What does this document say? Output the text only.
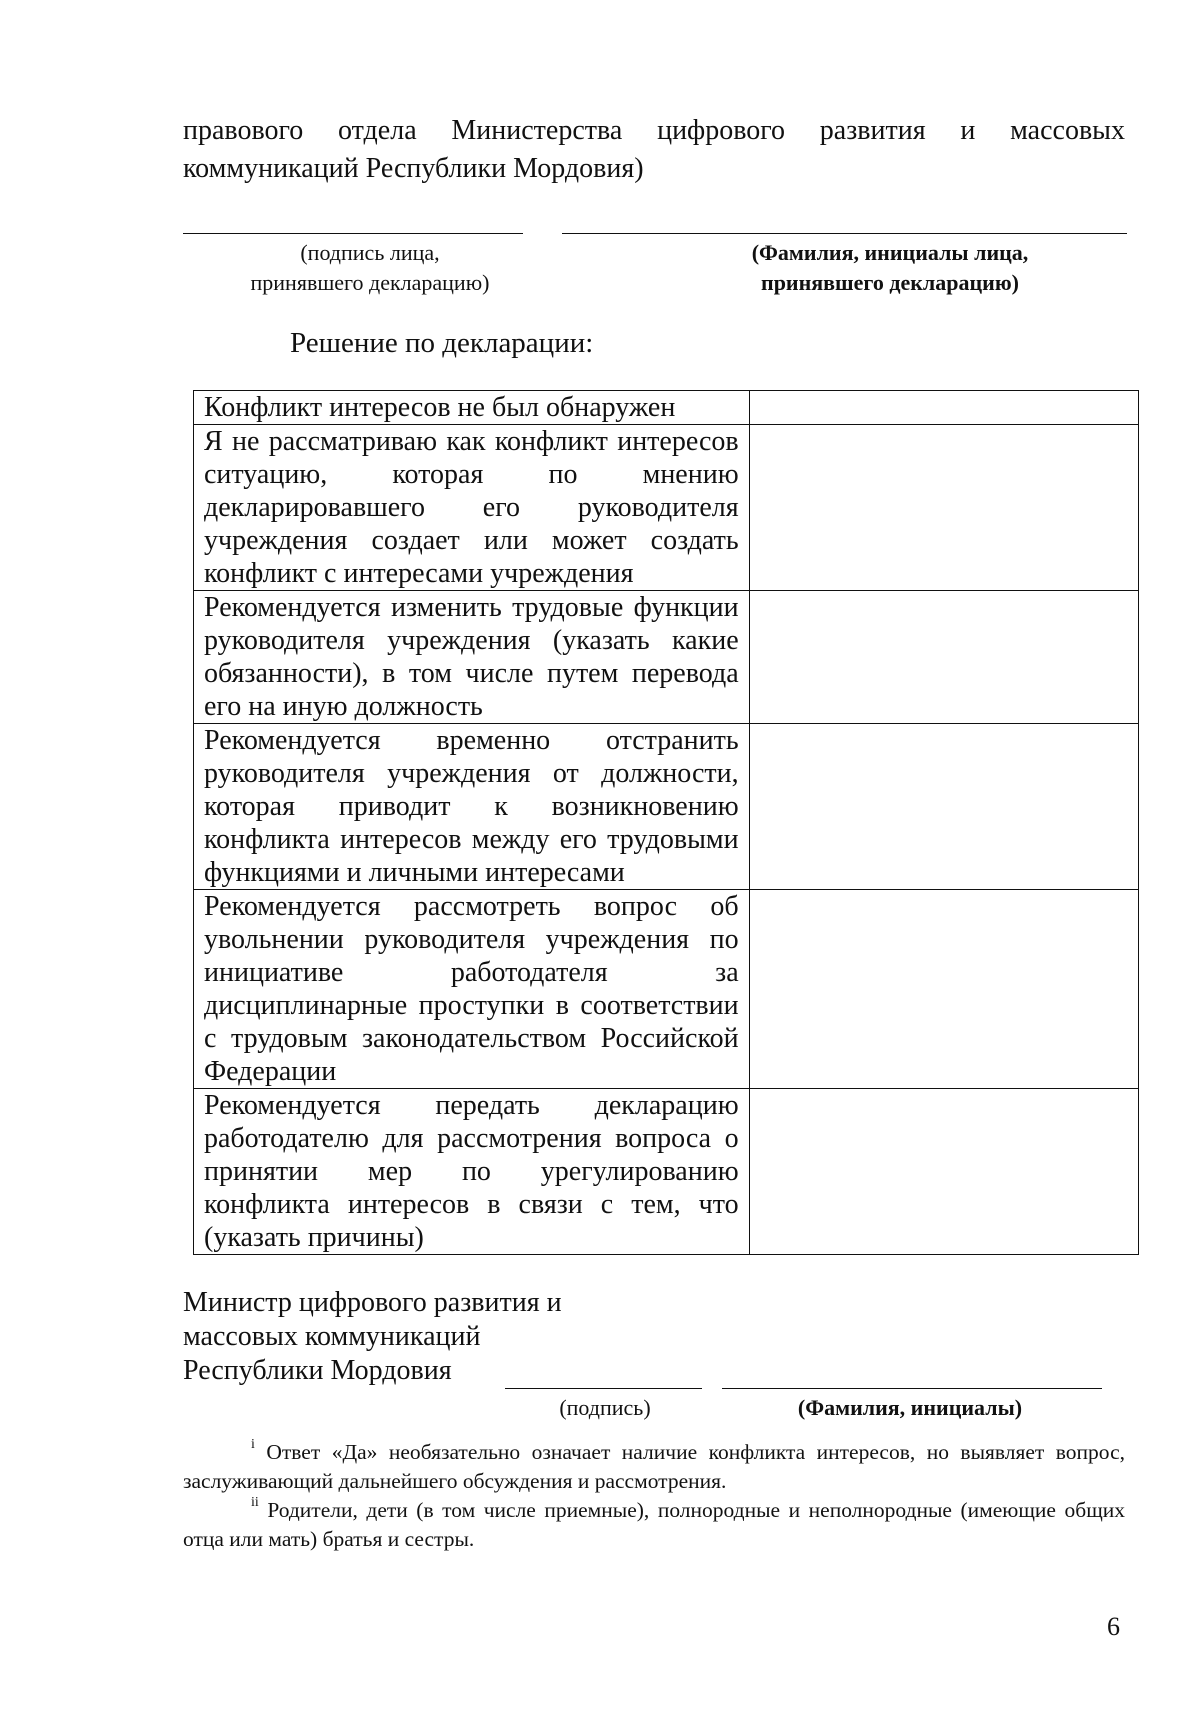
правового отдела Министерства цифрового развития и массовых коммуникаций Республики Мордовия)
(подпись лица,
принявшего декларацию)
(Фамилия, инициалы лица,
принявшего декларацию)
Решение по декларации:
Конфликт интересов не был обнаружен	
Я не рассматриваю как конфликт интересов ситуацию, которая по мнению декларировавшего его руководителя учреждения создает или может создать конфликт с интересами учреждения	
Рекомендуется изменить трудовые функции руководителя учреждения (указать какие обязанности), в том числе путем перевода его на иную должность	
Рекомендуется временно отстранить руководителя учреждения от должности, которая приводит к возникновению конфликта интересов между его трудовыми функциями и личными интересами	
Рекомендуется рассмотреть вопрос об увольнении руководителя учреждения по инициативе работодателя за дисциплинарные проступки в соответствии с трудовым законодательством Российской Федерации	
Рекомендуется передать декларацию работодателю для рассмотрения вопроса о принятии мер по урегулированию конфликта интересов в связи с тем, что (указать причины)	
Министр цифрового развития и
массовых коммуникаций
Республики Мордовия
(подпись)	(Фамилия, инициалы)

$^i$ Ответ «Да» необязательно означает наличие конфликта интересов, но выявляет вопрос, заслуживающий дальнейшего обсуждения и рассмотрения.

$^{ii}$ Родители, дети (в том числе приемные), полнородные и неполнородные (имеющие общих отца или мать) братья и сестры.

6
